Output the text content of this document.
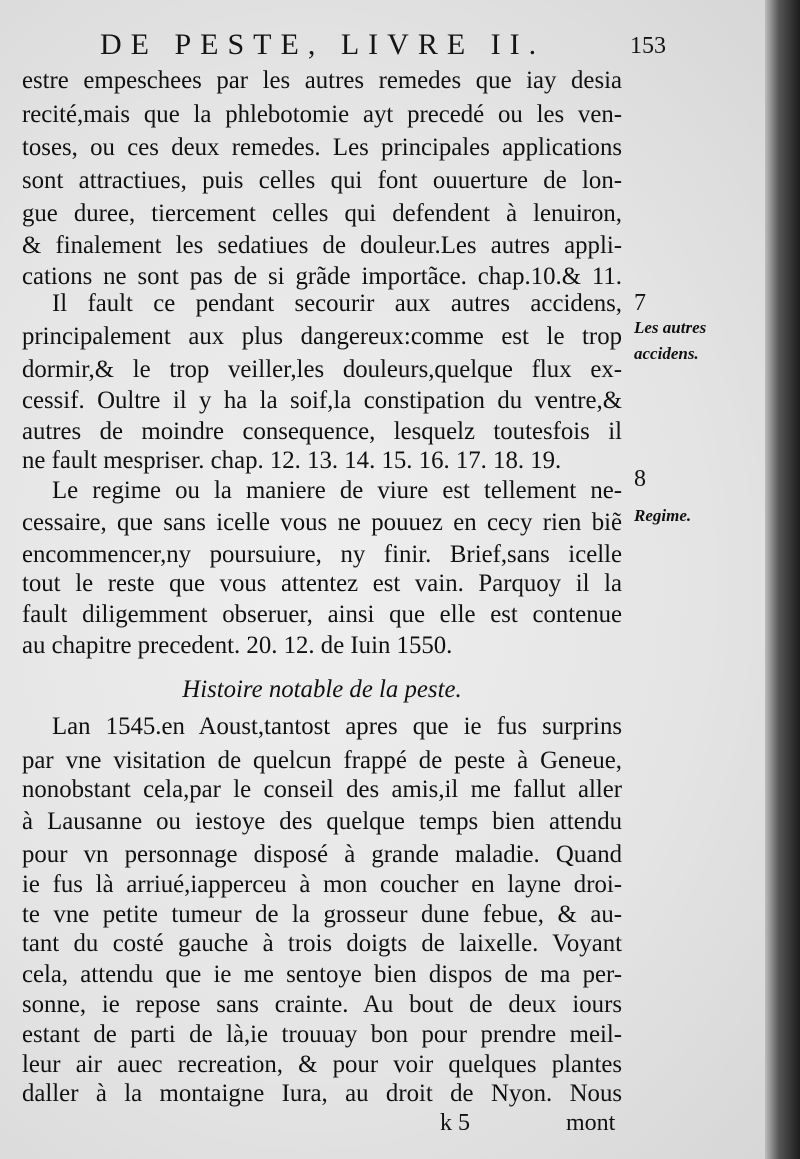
DE PESTE, LIVRE II.	153
estre empeschees par les autres remedes que iay desia
recité,mais que la phlebotomie ayt precedé ou les ven-
toses, ou ces deux remedes. Les principales applications
sont attractiues, puis celles qui font ouuerture de lon-
gue duree, tiercement celles qui defendent à lenuiron,
& finalement les sedatiues de douleur.Les autres appli-
cations ne sont pas de si grãde importãce. chap.10.& 11.
Il fault ce pendant secourir aux autres accidens,
principalement aux plus dangereux:comme est le trop
dormir,& le trop veiller,les douleurs,quelque flux ex-
cessif. Oultre il y ha la soif,la constipation du ventre,&
autres de moindre consequence, lesquelz toutesfois il
ne fault mespriser. chap. 12. 13. 14. 15. 16. 17. 18. 19.
Le regime ou la maniere de viure est tellement ne-
cessaire, que sans icelle vous ne pouuez en cecy rien biẽ
encommencer,ny poursuiure, ny finir. Brief,sans icelle
tout le reste que vous attentez est vain. Parquoy il la
fault diligemment obseruer, ainsi que elle est contenue
au chapitre precedent. 20. 12. de Iuin 1550.
Histoire notable de la peste.
Lan 1545.en Aoust,tantost apres que ie fus surprins
par vne visitation de quelcun frappé de peste à Geneue,
nonobstant cela,par le conseil des amis,il me fallut aller
à Lausanne ou iestoye des quelque temps bien attendu
pour vn personnage disposé à grande maladie. Quand
ie fus là arriué,iapperceu à mon coucher en layne droi-
te vne petite tumeur de la grosseur dune febue, & au-
tant du costé gauche à trois doigts de laixelle. Voyant
cela, attendu que ie me sentoye bien dispos de ma per-
sonne, ie repose sans crainte. Au bout de deux iours
estant de parti de là,ie trouuay bon pour prendre meil-
leur air auec recreation, & pour voir quelques plantes
daller à la montaigne Iura, au droit de Nyon. Nous
7
Les autres
accidens.
8
Regime.
k 5	mont
